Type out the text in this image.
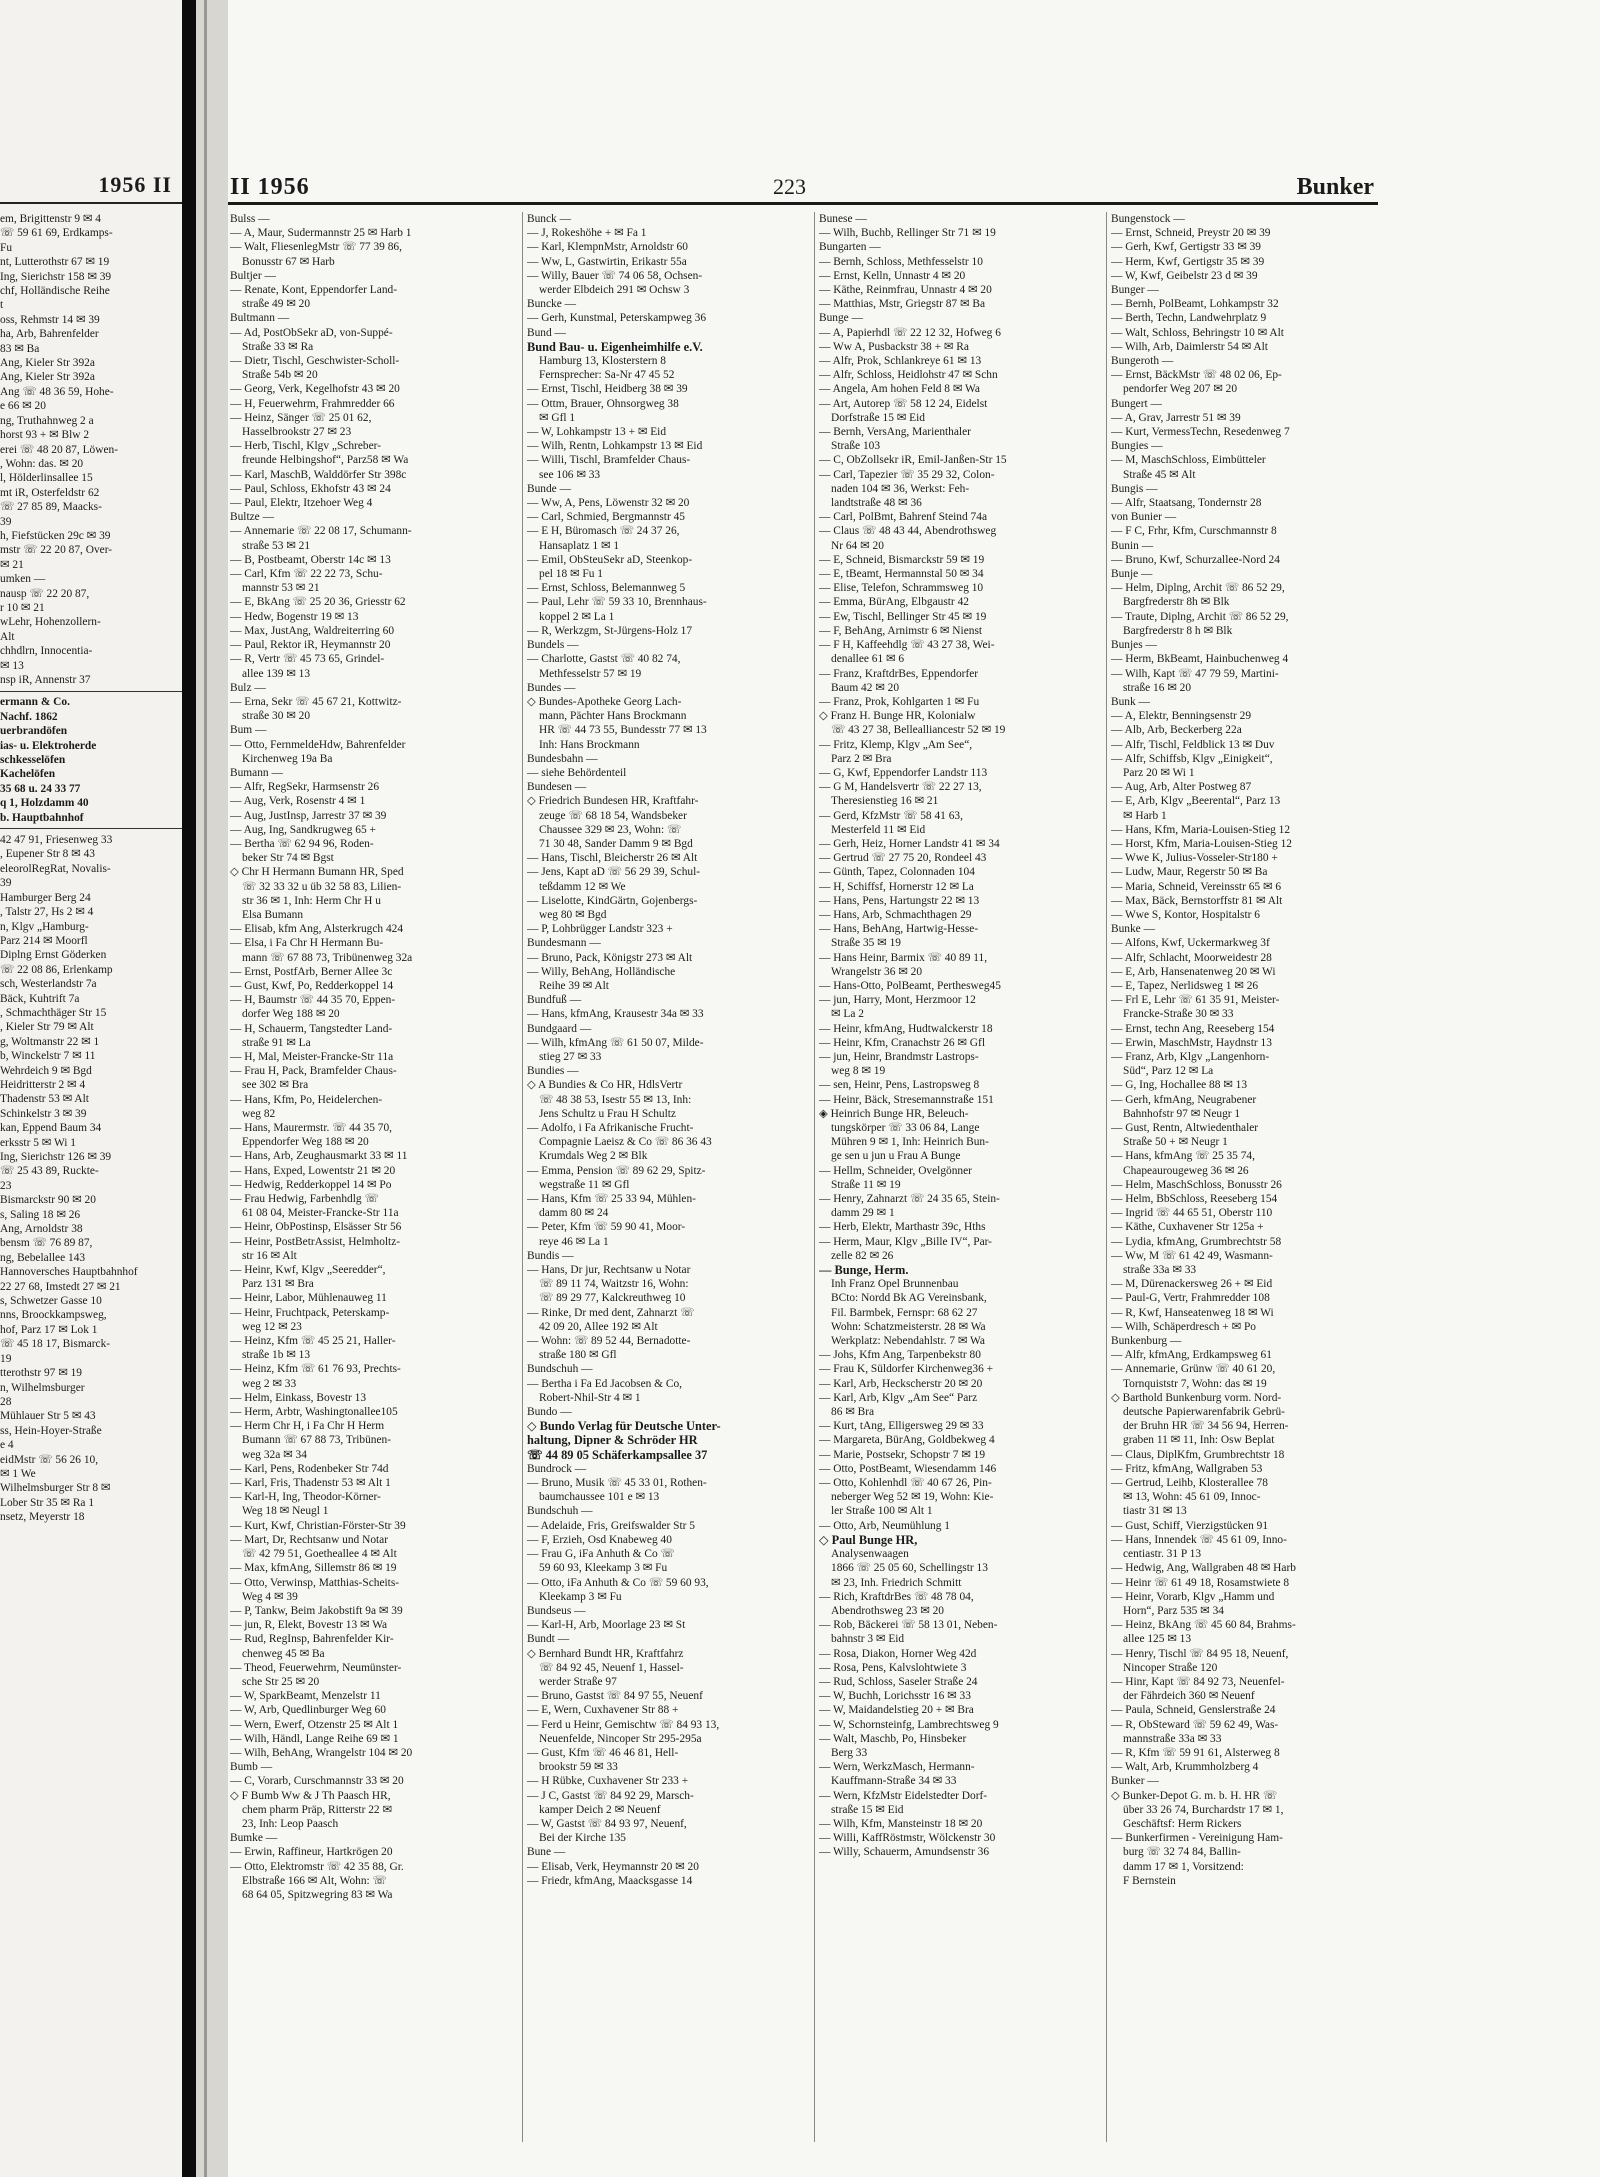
1956 II
em, Brigittenstr 9 ✉ 4
☏ 59 61 69, Erdkamps-
Fu
nt, Lutterothstr 67 ✉ 19
Ing, Sierichstr 158 ✉ 39
chf, Holländische Reihe
t
oss, Rehmstr 14 ✉ 39
ha, Arb, Bahrenfelder
83 ✉ Ba
Ang, Kieler Str 392a
Ang, Kieler Str 392a
Ang ☏ 48 36 59, Hohe-
e 66 ✉ 20
ng, Truthahnweg 2 a
horst 93 + ✉ Blw 2
erei ☏ 48 20 87, Löwen-
, Wohn: das. ✉ 20
l, Hölderlinsallee 15
mt iR, Osterfeldstr 62
☏ 27 85 89, Maacks-
39
h, Fiefstücken 29c ✉ 39
mstr ☏ 22 20 87, Over-
✉ 21
umken —
nausp ☏ 22 20 87,
r 10 ✉ 21
wLehr, Hohenzollern-
Alt
chhdlrn, Innocentia-
✉ 13
nsp iR, Annenstr 37
ermann & Co.
Nachf. 1862
uerbrandöfen
ias- u. Elektroherde
schkesselöfen
Kachelöfen
35 68 u. 24 33 77
q 1, Holzdamm 40
b. Hauptbahnhof
42 47 91, Friesenweg 33
, Eupener Str 8 ✉ 43
eleorolRegRat, Novalis-
39
Hamburger Berg 24
, Talstr 27, Hs 2 ✉ 4
n, Klgv „Hamburg-
Parz 214 ✉ Moorfl
Diplng Ernst Göderken
☏ 22 08 86, Erlenkamp
sch, Westerlandstr 7a
Bäck, Kuhtrift 7a
, Schmachthäger Str 15
, Kieler Str 79 ✉ Alt
g, Woltmanstr 22 ✉ 1
b, Winckelstr 7 ✉ 11
Wehrdeich 9 ✉ Bgd
Heidritterstr 2 ✉ 4
Thadenstr 53 ✉ Alt
Schinkelstr 3 ✉ 39
kan, Eppend Baum 34
erksstr 5 ✉ Wi 1
Ing, Sierichstr 126 ✉ 39
☏ 25 43 89, Ruckte-
23
Bismarckstr 90 ✉ 20
s, Saling 18 ✉ 26
Ang, Arnoldstr 38
bensm ☏ 76 89 87,
ng, Bebelallee 143
Hannoversches Hauptbahnhof
22 27 68, Imstedt 27 ✉ 21
s, Schwetzer Gasse 10
nns, Broockkampsweg,
hof, Parz 17 ✉ Lok 1
☏ 45 18 17, Bismarck-
19
tterothstr 97 ✉ 19
n, Wilhelmsburger
28
Mühlauer Str 5 ✉ 43
ss, Hein-Hoyer-Straße
e 4
eidMstr ☏ 56 26 10,
✉ 1 We
Wilhelmsburger Str 8 ✉
Lober Str 35 ✉ Ra 1
nsetz, Meyerstr 18
II 1956	223	Bunker
Bulss —
— A, Maur, Sudermannstr 25 ✉ Harb 1
— Walt, FliesenlegMstr ☏ 77 39 86,
Bonusstr 67 ✉ Harb
Bultjer —
— Renate, Kont, Eppendorfer Land-
straße 49 ✉ 20
Bultmann —
— Ad, PostObSekr aD, von-Suppé-
Straße 33 ✉ Ra
— Dietr, Tischl, Geschwister-Scholl-
Straße 54b ✉ 20
— Georg, Verk, Kegelhofstr 43 ✉ 20
— H, Feuerwehrm, Frahmredder 66
— Heinz, Sänger ☏ 25 01 62,
Hasselbrookstr 27 ✉ 23
— Herb, Tischl, Klgv „Schreber-
freunde Helbingshof“, Parz58 ✉ Wa
— Karl, MaschB, Walddörfer Str 398c
— Paul, Schloss, Ekhofstr 43 ✉ 24
— Paul, Elektr, Itzehoer Weg 4
Bultze —
— Annemarie ☏ 22 08 17, Schumann-
straße 53 ✉ 21
— B, Postbeamt, Oberstr 14c ✉ 13
— Carl, Kfm ☏ 22 22 73, Schu-
mannstr 53 ✉ 21
— E, BkAng ☏ 25 20 36, Griesstr 62
— Hedw, Bogenstr 19 ✉ 13
— Max, JustAng, Waldreiterring 60
— Paul, Rektor iR, Heymannstr 20
— R, Vertr ☏ 45 73 65, Grindel-
allee 139 ✉ 13
Bulz —
— Erna, Sekr ☏ 45 67 21, Kottwitz-
straße 30 ✉ 20
Bum —
— Otto, FernmeldeHdw, Bahrenfelder
Kirchenweg 19a Ba
Bumann —
— Alfr, RegSekr, Harmsenstr 26
— Aug, Verk, Rosenstr 4 ✉ 1
— Aug, JustInsp, Jarrestr 37 ✉ 39
— Aug, Ing, Sandkrugweg 65 +
— Bertha ☏ 62 94 96, Roden-
beker Str 74 ✉ Bgst
◇ Chr H Hermann Bumann HR, Sped
☏ 32 33 32 u üb 32 58 83, Lilien-
str 36 ✉ 1, Inh: Herm Chr H u
Elsa Bumann
— Elisab, kfm Ang, Alsterkrugch 424
— Elsa, i Fa Chr H Hermann Bu-
mann ☏ 67 88 73, Tribünenweg 32a
— Ernst, PostfArb, Berner Allee 3c
— Gust, Kwf, Po, Redderkoppel 14
— H, Baumstr ☏ 44 35 70, Eppen-
dorfer Weg 188 ✉ 20
— H, Schauerm, Tangstedter Land-
straße 91 ✉ La
— H, Mal, Meister-Francke-Str 11a
— Frau H, Pack, Bramfelder Chaus-
see 302 ✉ Bra
— Hans, Kfm, Po, Heidelerchen-
weg 82
— Hans, Maurermstr. ☏ 44 35 70,
Eppendorfer Weg 188 ✉ 20
— Hans, Arb, Zeughausmarkt 33 ✉ 11
— Hans, Exped, Lowentstr 21 ✉ 20
— Hedwig, Redderkoppel 14 ✉ Po
— Frau Hedwig, Farbenhdlg ☏
61 08 04, Meister-Francke-Str 11a
— Heinr, ObPostinsp, Elsässer Str 56
— Heinr, PostBetrAssist, Helmholtz-
str 16 ✉ Alt
— Heinr, Kwf, Klgv „Seeredder“,
Parz 131 ✉ Bra
— Heinr, Labor, Mühlenauweg 11
— Heinr, Fruchtpack, Peterskamp-
weg 12 ✉ 23
— Heinz, Kfm ☏ 45 25 21, Haller-
straße 1b ✉ 13
— Heinz, Kfm ☏ 61 76 93, Prechts-
weg 2 ✉ 33
— Helm, Einkass, Bovestr 13
— Herm, Arbtr, Washingtonallee105
— Herm Chr H, i Fa Chr H Herm
Bumann ☏ 67 88 73, Tribünen-
weg 32a ✉ 34
— Karl, Pens, Rodenbeker Str 74d
— Karl, Fris, Thadenstr 53 ✉ Alt 1
— Karl-H, Ing, Theodor-Körner-
Weg 18 ✉ Neugl 1
— Kurt, Kwf, Christian-Förster-Str 39
— Mart, Dr, Rechtsanw und Notar
☏ 42 79 51, Goetheallee 4 ✉ Alt
— Max, kfmAng, Sillemstr 86 ✉ 19
— Otto, Verwinsp, Matthias-Scheits-
Weg 4 ✉ 39
— P, Tankw, Beim Jakobstift 9a ✉ 39
— jun, R, Elekt, Bovestr 13 ✉ Wa
— Rud, RegInsp, Bahrenfelder Kir-
chenweg 45 ✉ Ba
— Theod, Feuerwehrm, Neumünster-
sche Str 25 ✉ 20
— W, SparkBeamt, Menzelstr 11
— W, Arb, Quedlinburger Weg 60
— Wern, Ewerf, Otzenstr 25 ✉ Alt 1
— Wilh, Händl, Lange Reihe 69 ✉ 1
— Wilh, BehAng, Wrangelstr 104 ✉ 20
Bumb —
— C, Vorarb, Curschmannstr 33 ✉ 20
◇ F Bumb Ww & J Th Paasch HR,
chem pharm Präp, Ritterstr 22 ✉
23, Inh: Leop Paasch
Bumke —
— Erwin, Raffineur, Hartkrögen 20
— Otto, Elektromstr ☏ 42 35 88, Gr.
Elbstraße 166 ✉ Alt, Wohn: ☏
68 64 05, Spitzwegring 83 ✉ Wa
Bunck —
— J, Rokeshöhe + ✉ Fa 1
— Karl, KlempnMstr, Arnoldstr 60
— Ww, L, Gastwirtin, Erikastr 55a
— Willy, Bauer ☏ 74 06 58, Ochsen-
werder Elbdeich 291 ✉ Ochsw 3
Buncke —
— Gerh, Kunstmal, Peterskampweg 36
Bund —
Bund Bau- u. Eigenheimhilfe e.V.
Hamburg 13, Klosterstern 8
Fernsprecher: Sa-Nr 47 45 52
— Ernst, Tischl, Heidberg 38 ✉ 39
— Ottm, Brauer, Ohnsorgweg 38
✉ Gfl 1
— W, Lohkampstr 13 + ✉ Eid
— Wilh, Rentn, Lohkampstr 13 ✉ Eid
— Willi, Tischl, Bramfelder Chaus-
see 106 ✉ 33
Bunde —
— Ww, A, Pens, Löwenstr 32 ✉ 20
— Carl, Schmied, Bergmannstr 45
— E H, Büromasch ☏ 24 37 26,
Hansaplatz 1 ✉ 1
— Emil, ObSteuSekr aD, Steenkop-
pel 18 ✉ Fu 1
— Ernst, Schloss, Belemannweg 5
— Paul, Lehr ☏ 59 33 10, Brennhaus-
koppel 2 ✉ La 1
— R, Werkzgm, St-Jürgens-Holz 17
Bundels —
— Charlotte, Gastst ☏ 40 82 74,
Methfesselstr 57 ✉ 19
Bundes —
◇ Bundes-Apotheke Georg Lach-
mann, Pächter Hans Brockmann
HR ☏ 44 73 55, Bundesstr 77 ✉ 13
Inh: Hans Brockmann
Bundesbahn —
— siehe Behördenteil
Bundesen —
◇ Friedrich Bundesen HR, Kraftfahr-
zeuge ☏ 68 18 54, Wandsbeker
Chaussee 329 ✉ 23, Wohn: ☏
71 30 48, Sander Damm 9 ✉ Bgd
— Hans, Tischl, Bleicherstr 26 ✉ Alt
— Jens, Kapt aD ☏ 56 29 39, Schul-
teßdamm 12 ✉ We
— Liselotte, KindGärtn, Gojenbergs-
weg 80 ✉ Bgd
— P, Lohbrügger Landstr 323 +
Bundesmann —
— Bruno, Pack, Königstr 273 ✉ Alt
— Willy, BehAng, Holländische
Reihe 39 ✉ Alt
Bundfuß —
— Hans, kfmAng, Krausestr 34a ✉ 33
Bundgaard —
— Wilh, kfmAng ☏ 61 50 07, Milde-
stieg 27 ✉ 33
Bundies —
◇ A Bundies & Co HR, HdlsVertr
☏ 48 38 53, Isestr 55 ✉ 13, Inh:
Jens Schultz u Frau H Schultz
— Adolfo, i Fa Afrikanische Frucht-
Compagnie Laeisz & Co ☏ 86 36 43
Krumdals Weg 2 ✉ Blk
— Emma, Pension ☏ 89 62 29, Spitz-
wegstraße 11 ✉ Gfl
— Hans, Kfm ☏ 25 33 94, Mühlen-
damm 80 ✉ 24
— Peter, Kfm ☏ 59 90 41, Moor-
reye 46 ✉ La 1
Bundis —
— Hans, Dr jur, Rechtsanw u Notar
☏ 89 11 74, Waitzstr 16, Wohn:
☏ 89 29 77, Kalckreuthweg 10
— Rinke, Dr med dent, Zahnarzt ☏
42 09 20, Allee 192 ✉ Alt
— Wohn: ☏ 89 52 44, Bernadotte-
straße 180 ✉ Gfl
Bundschuh —
— Bertha i Fa Ed Jacobsen & Co,
Robert-Nhil-Str 4 ✉ 1
Bundo —
◇ Bundo Verlag für Deutsche Unter-
haltung, Dipner & Schröder HR
☏ 44 89 05 Schäferkampsallee 37
Bundrock —
— Bruno, Musik ☏ 45 33 01, Rothen-
baumchaussee 101 e ✉ 13
Bundschuh —
— Adelaide, Fris, Greifswalder Str 5
— F, Erzieh, Osd Knabeweg 40
— Frau G, iFa Anhuth & Co ☏
59 60 93, Kleekamp 3 ✉ Fu
— Otto, iFa Anhuth & Co ☏ 59 60 93,
Kleekamp 3 ✉ Fu
Bundseus —
— Karl-H, Arb, Moorlage 23 ✉ St
Bundt —
◇ Bernhard Bundt HR, Kraftfahrz
☏ 84 92 45, Neuenf 1, Hassel-
werder Straße 97
— Bruno, Gastst ☏ 84 97 55, Neuenf
— E, Wern, Cuxhavener Str 88 +
— Ferd u Heinr, Gemischtw ☏ 84 93 13,
Neuenfelde, Nincoper Str 295-295a
— Gust, Kfm ☏ 46 46 81, Hell-
brookstr 59 ✉ 33
— H Rübke, Cuxhavener Str 233 +
— J C, Gastst ☏ 84 92 29, Marsch-
kamper Deich 2 ✉ Neuenf
— W, Gastst ☏ 84 93 97, Neuenf,
Bei der Kirche 135
Bune —
— Elisab, Verk, Heymannstr 20 ✉ 20
— Friedr, kfmAng, Maacksgasse 14
Bunese —
— Wilh, Buchb, Rellinger Str 71 ✉ 19
Bungarten —
— Bernh, Schloss, Methfesselstr 10
— Ernst, Kelln, Unnastr 4 ✉ 20
— Käthe, Reinmfrau, Unnastr 4 ✉ 20
— Matthias, Mstr, Griegstr 87 ✉ Ba
Bunge —
— A, Papierhdl ☏ 22 12 32, Hofweg 6
— Ww A, Pusbackstr 38 + ✉ Ra
— Alfr, Prok, Schlankreye 61 ✉ 13
— Alfr, Schloss, Heidlohstr 47 ✉ Schn
— Angela, Am hohen Feld 8 ✉ Wa
— Art, Autorep ☏ 58 12 24, Eidelst
Dorfstraße 15 ✉ Eid
— Bernh, VersAng, Marienthaler
Straße 103
— C, ObZollsekr iR, Emil-Janßen-Str 15
— Carl, Tapezier ☏ 35 29 32, Colon-
naden 104 ✉ 36, Werkst: Feh-
landtstraße 48 ✉ 36
— Carl, PolBmt, Bahrenf Steind 74a
— Claus ☏ 48 43 44, Abendrothsweg
Nr 64 ✉ 20
— E, Schneid, Bismarckstr 59 ✉ 19
— E, tBeamt, Hermannstal 50 ✉ 34
— Elise, Telefon, Schrammsweg 10
— Emma, BürAng, Elbgaustr 42
— Ew, Tischl, Bellinger Str 45 ✉ 19
— F, BehAng, Arnimstr 6 ✉ Nienst
— F H, Kaffeehdlg ☏ 43 27 38, Wei-
denallee 61 ✉ 6
— Franz, KraftdrBes, Eppendorfer
Baum 42 ✉ 20
— Franz, Prok, Kohlgarten 1 ✉ Fu
◇ Franz H. Bunge HR, Kolonialw
☏ 43 27 38, Belleallianсestr 52 ✉ 19
— Fritz, Klemp, Klgv „Am See“,
Parz 2 ✉ Bra
— G, Kwf, Eppendorfer Landstr 113
— G M, Handelsvertr ☏ 22 27 13,
Theresienstieg 16 ✉ 21
— Gerd, KfzMstr ☏ 58 41 63,
Mesterfeld 11 ✉ Eid
— Gerh, Heiz, Horner Landstr 41 ✉ 34
— Gertrud ☏ 27 75 20, Rondeel 43
— Günth, Tapez, Colonnaden 104
— H, Schiffsf, Hornerstr 12 ✉ La
— Hans, Pens, Hartungstr 22 ✉ 13
— Hans, Arb, Schmachthagen 29
— Hans, BehAng, Hartwig-Hesse-
Straße 35 ✉ 19
— Hans Heinr, Barmix ☏ 40 89 11,
Wrangelstr 36 ✉ 20
— Hans-Otto, PolBeamt, Perthesweg45
— jun, Harry, Mont, Herzmoor 12
✉ La 2
— Heinr, kfmAng, Hudtwalckerstr 18
— Heinr, Kfm, Cranachstr 26 ✉ Gfl
— jun, Heinr, Brandmstr Lastrops-
weg 8 ✉ 19
— sen, Heinr, Pens, Lastropsweg 8
— Heinr, Bäck, Stresemannstraße 151
◈ Heinrich Bunge HR, Beleuch-
tungskörper ☏ 33 06 84, Lange
Mühren 9 ✉ 1, Inh: Heinrich Bun-
ge sen u jun u Frau A Bunge
— Hellm, Schneider, Ovelgönner
Straße 11 ✉ 19
— Henry, Zahnarzt ☏ 24 35 65, Stein-
damm 29 ✉ 1
— Herb, Elektr, Marthastr 39c, Hths
— Herm, Maur, Klgv „Bille IV“, Par-
zelle 82 ✉ 26
— Bunge, Herm.
Inh Franz Opel Brunnenbau
BCto: Nordd Bk AG Vereinsbank,
Fil. Barmbek, Fernspr: 68 62 27
Wohn: Schatzmeisterstr. 28 ✉ Wa
Werkplatz: Nebendahlstr. 7 ✉ Wa
— Johs, Kfm Ang, Tarpenbekstr 80
— Frau K, Süldorfer Kirchenweg36 +
— Karl, Arb, Heckscherstr 20 ✉ 20
— Karl, Arb, Klgv „Am See“ Parz
86 ✉ Bra
— Kurt, tAng, Elligersweg 29 ✉ 33
— Margareta, BürAng, Goldbekweg 4
— Marie, Postsekr, Schopstr 7 ✉ 19
— Otto, PostBeamt, Wiesendamm 146
— Otto, Kohlenhdl ☏ 40 67 26, Pin-
neberger Weg 52 ✉ 19, Wohn: Kie-
ler Straße 100 ✉ Alt 1
— Otto, Arb, Neumühlung 1
◇ Paul Bunge HR,
Analysenwaagen
1866 ☏ 25 05 60, Schellingstr 13
✉ 23, Inh. Friedrich Schmitt
— Rich, KraftdrBes ☏ 48 78 04,
Abendrothsweg 23 ✉ 20
— Rob, Bäckerei ☏ 58 13 01, Neben-
bahnstr 3 ✉ Eid
— Rosa, Diakon, Horner Weg 42d
— Rosa, Pens, Kalvslohtwiete 3
— Rud, Schloss, Saseler Straße 24
— W, Buchh, Lorichsstr 16 ✉ 33
— W, Maidandelstieg 20 + ✉ Bra
— W, Schornsteinfg, Lambrechtsweg 9
— Walt, Maschb, Po, Hinsbeker
Berg 33
— Wern, WerkzMasch, Hermann-
Kauffmann-Straße 34 ✉ 33
— Wern, KfzMstr Eidelstedter Dorf-
straße 15 ✉ Eid
— Wilh, Kfm, Mansteinstr 18 ✉ 20
— Willi, KaffRöstmstr, Wölckenstr 30
— Willy, Schauerm, Amundsenstr 36
Bungenstock —
— Ernst, Schneid, Preystr 20 ✉ 39
— Gerh, Kwf, Gertigstr 33 ✉ 39
— Herm, Kwf, Gertigstr 35 ✉ 39
— W, Kwf, Geibelstr 23 d ✉ 39
Bunger —
— Bernh, PolBeamt, Lohkampstr 32
— Berth, Techn, Landwehrplatz 9
— Walt, Schloss, Behringstr 10 ✉ Alt
— Wilh, Arb, Daimlerstr 54 ✉ Alt
Bungeroth —
— Ernst, BäckMstr ☏ 48 02 06, Ep-
pendorfer Weg 207 ✉ 20
Bungert —
— A, Grav, Jarrestr 51 ✉ 39
— Kurt, VermessTechn, Resedenweg 7
Bungies —
— M, MaschSchloss, Eimbütteler
Straße 45 ✉ Alt
Bungis —
— Alfr, Staatsang, Tondernstr 28
von Bunier —
— F C, Frhr, Kfm, Curschmannstr 8
Bunin —
— Bruno, Kwf, Schurzallee-Nord 24
Bunje —
— Helm, Diplng, Archit ☏ 86 52 29,
Bargfrederstr 8h ✉ Blk
— Traute, Diplng, Archit ☏ 86 52 29,
Bargfrederstr 8 h ✉ Blk
Bunjes —
— Herm, BkBeamt, Hainbuchenweg 4
— Wilh, Kapt ☏ 47 79 59, Martini-
straße 16 ✉ 20
Bunk —
— A, Elektr, Benningsenstr 29
— Alb, Arb, Beckerberg 22a
— Alfr, Tischl, Feldblick 13 ✉ Duv
— Alfr, Schiffsb, Klgv „Einigkeit“,
Parz 20 ✉ Wi 1
— Aug, Arb, Alter Postweg 87
— E, Arb, Klgv „Beerental“, Parz 13
✉ Harb 1
— Hans, Kfm, Maria-Louisen-Stieg 12
— Horst, Kfm, Maria-Louisen-Stieg 12
— Wwe K, Julius-Vosseler-Str180 +
— Ludw, Maur, Regerstr 50 ✉ Ba
— Maria, Schneid, Vereinsstr 65 ✉ 6
— Max, Bäck, Bernstorffstr 81 ✉ Alt
— Wwe S, Kontor, Hospitalstr 6
Bunke —
— Alfons, Kwf, Uckermarkweg 3f
— Alfr, Schlacht, Moorweidestr 28
— E, Arb, Hansenatenweg 20 ✉ Wi
— E, Tapez, Nerlidsweg 1 ✉ 26
— Frl E, Lehr ☏ 61 35 91, Meister-
Francke-Straße 30 ✉ 33
— Ernst, techn Ang, Reeseberg 154
— Erwin, MaschMstr, Haydnstr 13
— Franz, Arb, Klgv „Langenhorn-
Süd“, Parz 12 ✉ La
— G, Ing, Hochallee 88 ✉ 13
— Gerh, kfmAng, Neugrabener
Bahnhofstr 97 ✉ Neugr 1
— Gust, Rentn, Altwiedenthaler
Straße 50 + ✉ Neugr 1
— Hans, kfmAng ☏ 25 35 74,
Chapeaurougeweg 36 ✉ 26
— Helm, MaschSchloss, Bonusstr 26
— Helm, BbSchloss, Reeseberg 154
— Ingrid ☏ 44 65 51, Oberstr 110
— Käthe, Cuxhavener Str 125a +
— Lydia, kfmAng, Grumbrechtstr 58
— Ww, M ☏ 61 42 49, Wasmann-
straße 33a ✉ 33
— M, Dürenackersweg 26 + ✉ Eid
— Paul-G, Vertr, Frahmredder 108
— R, Kwf, Hanseatenweg 18 ✉ Wi
— Wilh, Schäperdresch + ✉ Po
Bunkenburg —
— Alfr, kfmAng, Erdkampsweg 61
— Annemarie, Grünw ☏ 40 61 20,
Tornquiststr 7, Wohn: das ✉ 19
◇ Barthold Bunkenburg vorm. Nord-
deutsche Papierwarenfabrik Gebrü-
der Bruhn HR ☏ 34 56 94, Herren-
graben 11 ✉ 11, Inh: Osw Beplat
— Claus, DiplKfm, Grumbrechtstr 18
— Fritz, kfmAng, Wallgraben 53
— Gertrud, Leihb, Klosterallee 78
✉ 13, Wohn: 45 61 09, Innoc-
tiastr 31 ✉ 13
— Gust, Schiff, Vierzigstücken 91
— Hans, Innendek ☏ 45 61 09, Inno-
centiastr. 31 P 13
— Hedwig, Ang, Wallgraben 48 ✉ Harb
— Heinr ☏ 61 49 18, Rosamstwiete 8
— Heinr, Vorarb, Klgv „Hamm und
Horn“, Parz 535 ✉ 34
— Heinz, BkAng ☏ 45 60 84, Brahms-
allee 125 ✉ 13
— Henry, Tischl ☏ 84 95 18, Neuenf,
Nincoper Straße 120
— Hinr, Kapt ☏ 84 92 73, Neuenfel-
der Fährdeich 360 ✉ Neuenf
— Paula, Schneid, Genslerstraße 24
— R, ObSteward ☏ 59 62 49, Was-
mannstraße 33a ✉ 33
— R, Kfm ☏ 59 91 61, Alsterweg 8
— Walt, Arb, Krummholzberg 4
Bunker —
◇ Bunker-Depot G. m. b. H. HR ☏
über 33 26 74, Burchardstr 17 ✉ 1,
Geschäftsf: Herm Rickers
— Bunkerfirmen - Vereinigung Ham-
burg ☏ 32 74 84, Ballin-
damm 17 ✉ 1, Vorsitzend:
F Bernstein
